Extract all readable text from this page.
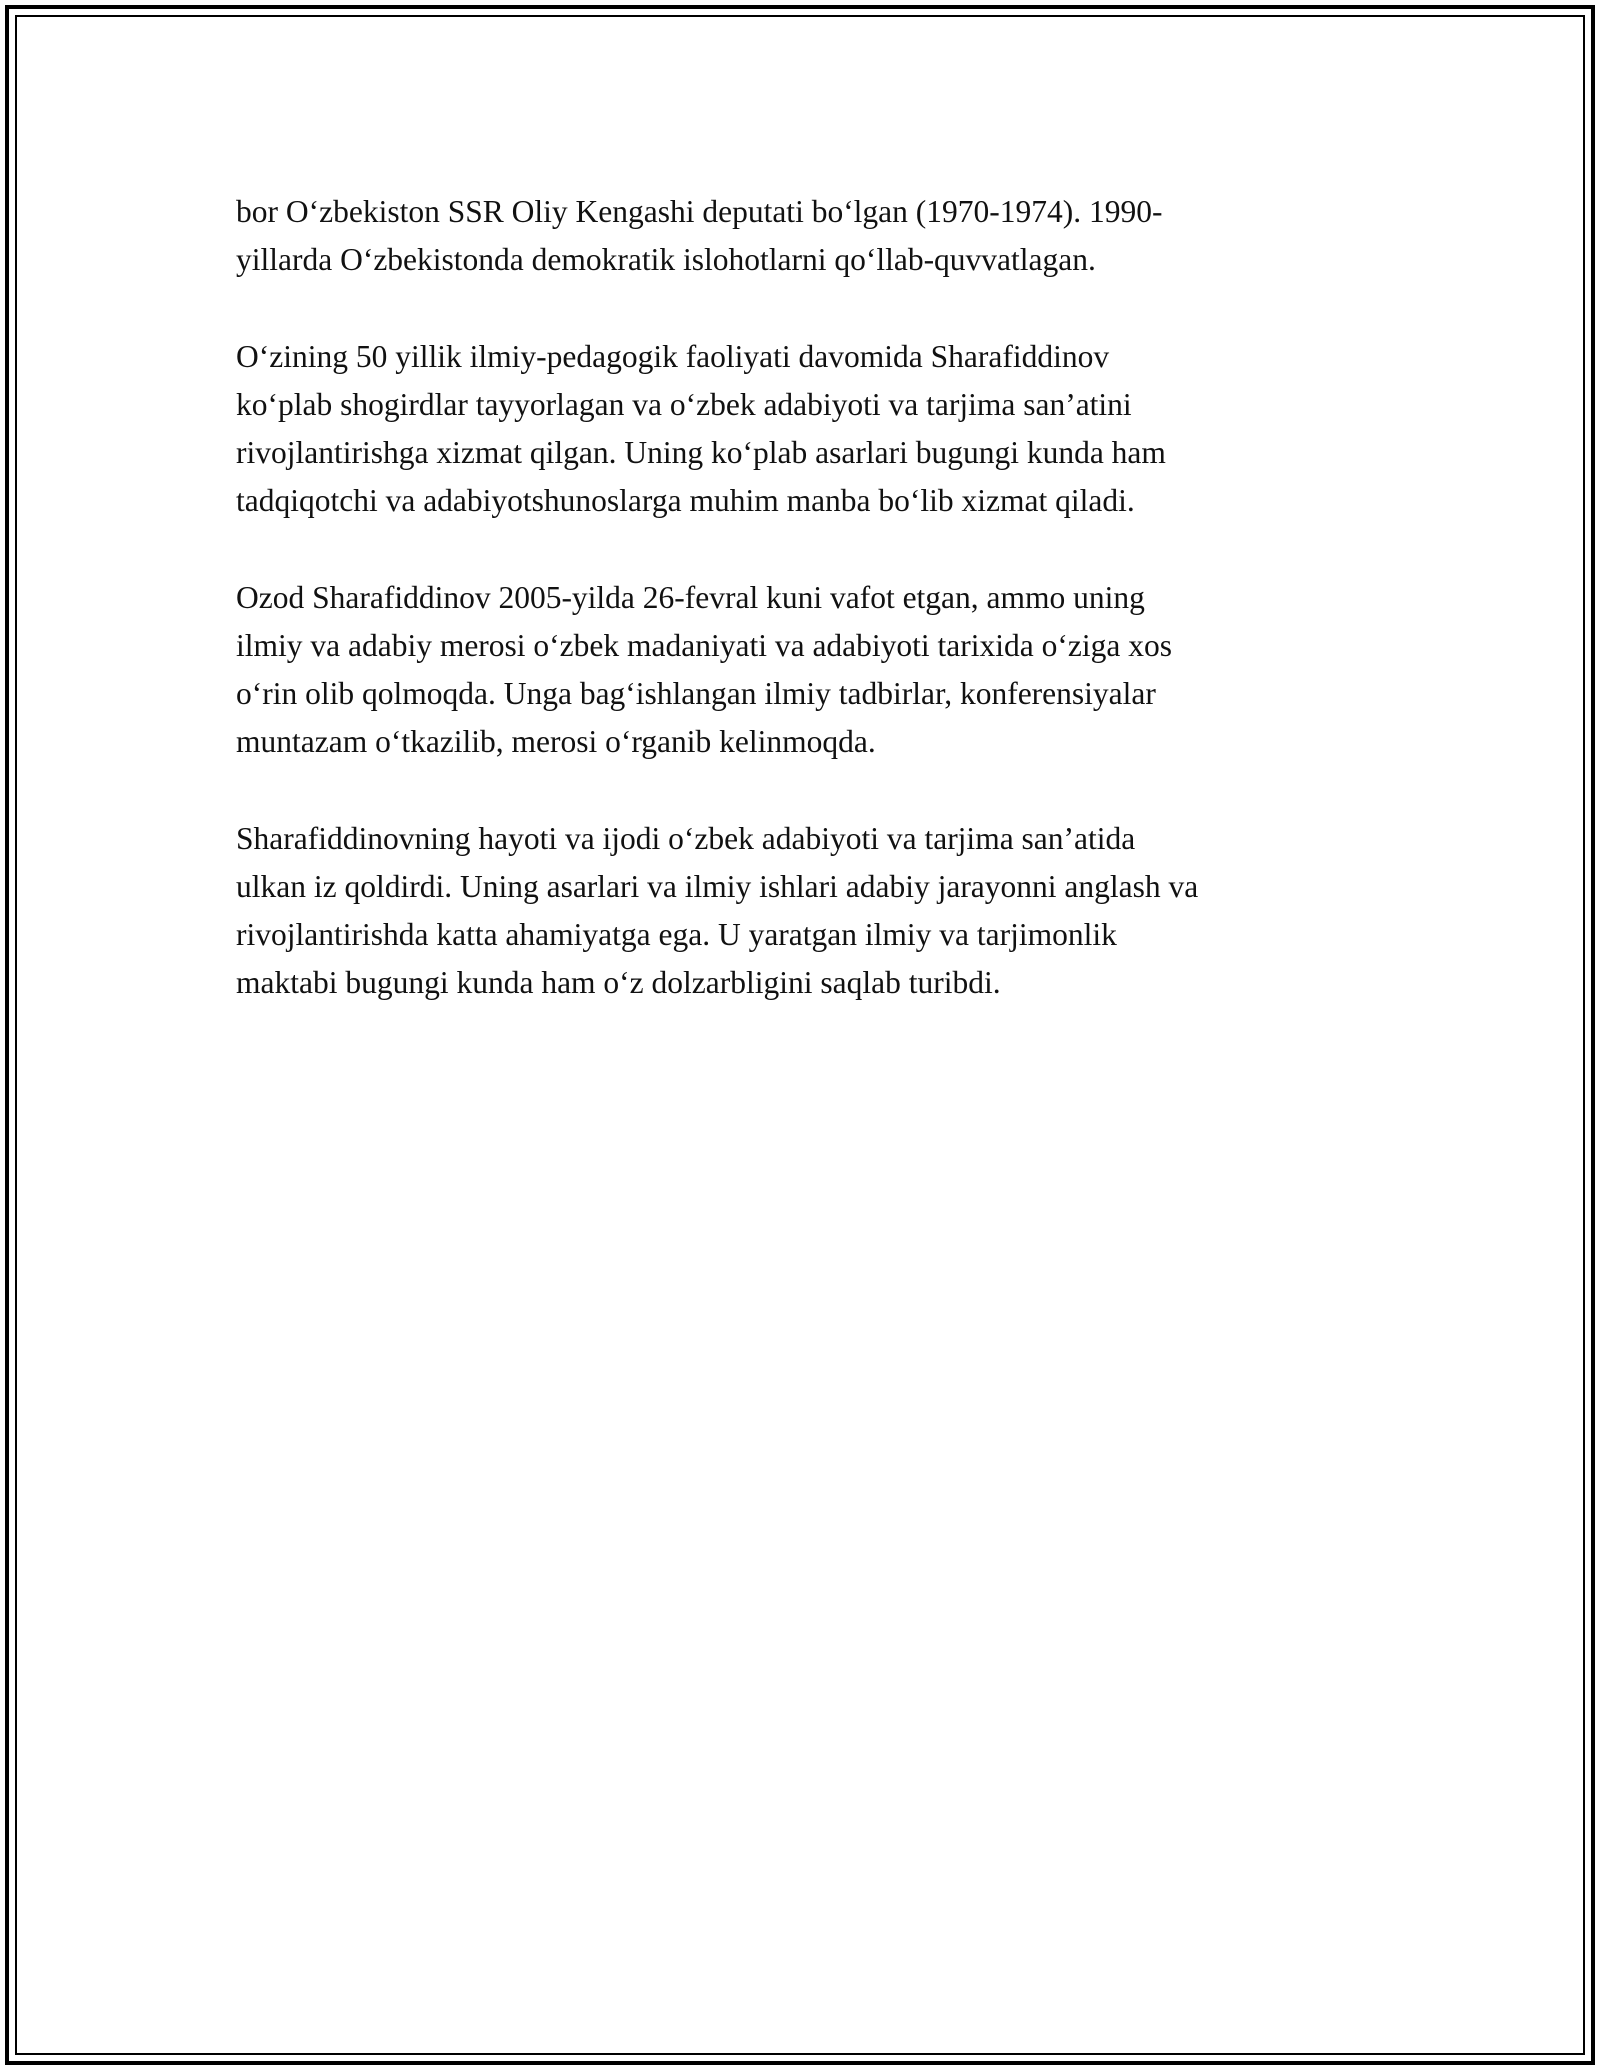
bor O‘zbekiston SSR Oliy Kengashi deputati bo‘lgan (1970-1974). 1990-
yillarda O‘zbekistonda demokratik islohotlarni qo‘llab-quvvatlagan.

O‘zining 50 yillik ilmiy-pedagogik faoliyati davomida Sharafiddinov
ko‘plab shogirdlar tayyorlagan va o‘zbek adabiyoti va tarjima san’atini
rivojlantirishga xizmat qilgan. Uning ko‘plab asarlari bugungi kunda ham
tadqiqotchi va adabiyotshunoslarga muhim manba bo‘lib xizmat qiladi.

Ozod Sharafiddinov 2005-yilda 26-fevral kuni vafot etgan, ammo uning
ilmiy va adabiy merosi o‘zbek madaniyati va adabiyoti tarixida o‘ziga xos
o‘rin olib qolmoqda. Unga bag‘ishlangan ilmiy tadbirlar, konferensiyalar
muntazam o‘tkazilib, merosi o‘rganib kelinmoqda.

Sharafiddinovning hayoti va ijodi o‘zbek adabiyoti va tarjima san’atida
ulkan iz qoldirdi. Uning asarlari va ilmiy ishlari adabiy jarayonni anglash va
rivojlantirishda katta ahamiyatga ega. U yaratgan ilmiy va tarjimonlik
maktabi bugungi kunda ham o‘z dolzarbligini saqlab turibdi.
